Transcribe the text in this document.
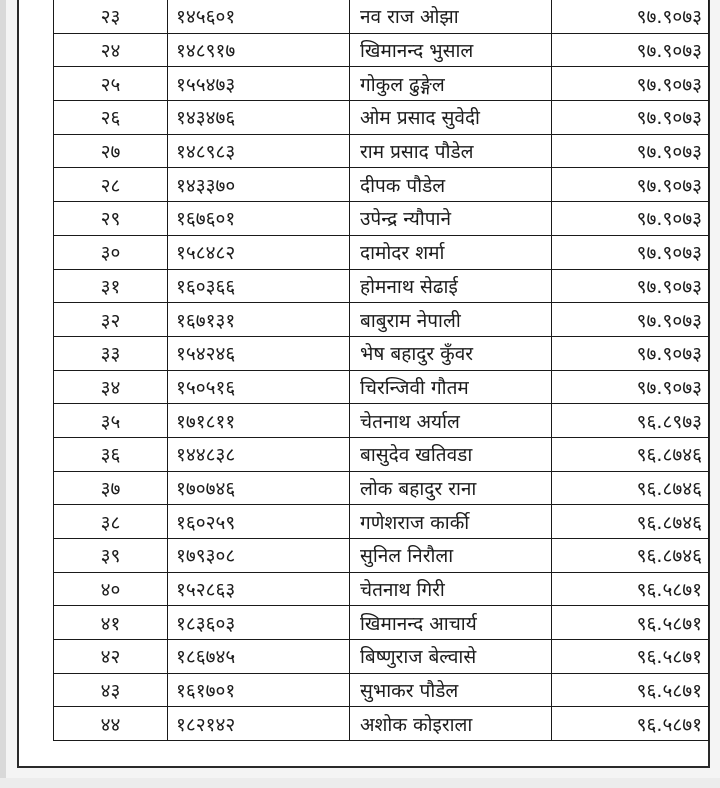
२३	१४५६०१	नव राज ओझा	९७.९०७३
२४	१४८९१७	खिमानन्द भुसाल	९७.९०७३
२५	१५५४७३	गोकुल ढुङ्गेल	९७.९०७३
२६	१४३४७६	ओम प्रसाद सुवेदी	९७.९०७३
२७	१४८९८३	राम प्रसाद पौडेल	९७.९०७३
२८	१४३३७०	दीपक पौडेल	९७.९०७३
२९	१६७६०१	उपेन्द्र न्यौपाने	९७.९०७३
३०	१५८४८२	दामोदर शर्मा	९७.९०७३
३१	१६०३६६	होमनाथ सेढाई	९७.९०७३
३२	१६७१३१	बाबुराम नेपाली	९७.९०७३
३३	१५४२४६	भेष बहादुर कुँवर	९७.९०७३
३४	१५०५१६	चिरन्जिवी गौतम	९७.९०७३
३५	१७१८११	चेतनाथ अर्याल	९६.८९७३
३६	१४४८३८	बासुदेव खतिवडा	९६.८७४६
३७	१७०७४६	लोक बहादुर राना	९६.८७४६
३८	१६०२५९	गणेशराज कार्की	९६.८७४६
३९	१७९३०८	सुनिल निरौला	९६.८७४६
४०	१५२८६३	चेतनाथ गिरी	९६.५८७१
४१	१८३६०३	खिमानन्द आचार्य	९६.५८७१
४२	१८६७४५	बिष्णुराज बेल्वासे	९६.५८७१
४३	१६१७०१	सुभाकर पौडेल	९६.५८७१
४४	१८२१४२	अशोक कोइराला	९६.५८७१
